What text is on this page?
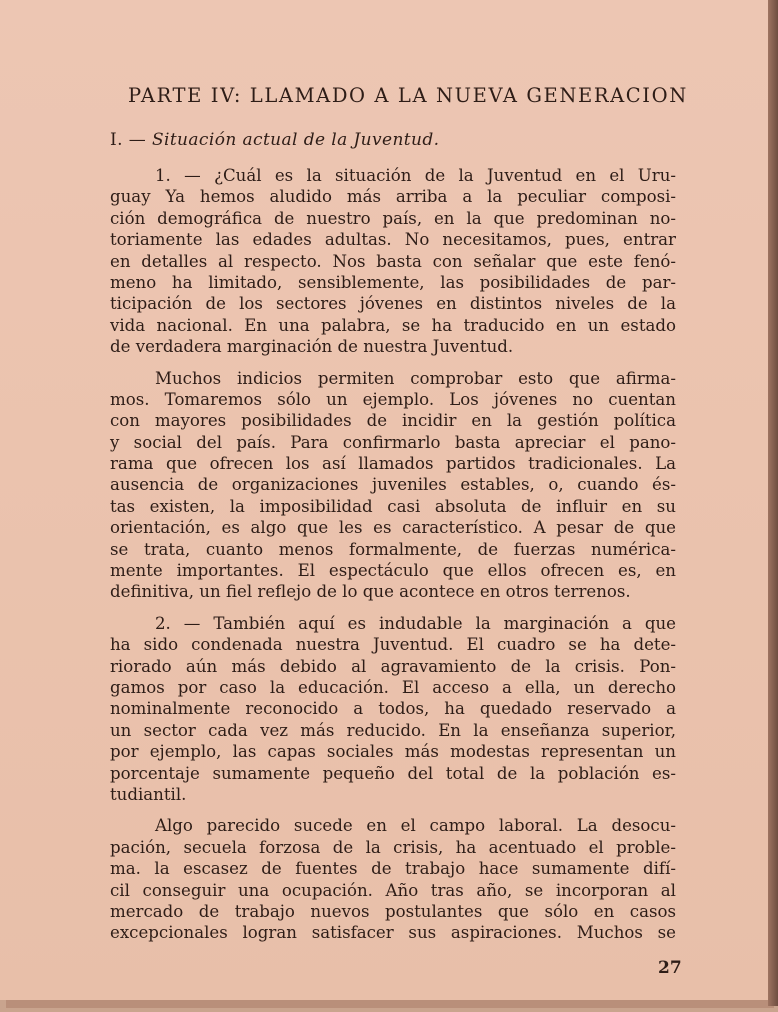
PARTE IV: LLAMADO A LA NUEVA GENERACION
I. — Situación actual de la Juventud.
1. — ¿Cuál es la situación de la Juventud en el Uru-
guay Ya hemos aludido más arriba a la peculiar composi-
ción demográfica de nuestro país, en la que predominan no-
toriamente las edades adultas. No necesitamos, pues, entrar
en detalles al respecto. Nos basta con señalar que este fenó-
meno ha limitado, sensiblemente, las posibilidades de par-
ticipación de los sectores jóvenes en distintos niveles de la
vida nacional. En una palabra, se ha traducido en un estado
de verdadera marginación de nuestra Juventud.
Muchos indicios permiten comprobar esto que afirma-
mos. Tomaremos sólo un ejemplo. Los jóvenes no cuentan
con mayores posibilidades de incidir en la gestión política
y social del país. Para confirmarlo basta apreciar el pano-
rama que ofrecen los así llamados partidos tradicionales. La
ausencia de organizaciones juveniles estables, o, cuando és-
tas existen, la imposibilidad casi absoluta de influir en su
orientación, es algo que les es característico. A pesar de que
se trata, cuanto menos formalmente, de fuerzas numérica-
mente importantes. El espectáculo que ellos ofrecen es, en
definitiva, un fiel reflejo de lo que acontece en otros terrenos.
2. — También aquí es indudable la marginación a que
ha sido condenada nuestra Juventud. El cuadro se ha dete-
riorado aún más debido al agravamiento de la crisis. Pon-
gamos por caso la educación. El acceso a ella, un derecho
nominalmente reconocido a todos, ha quedado reservado a
un sector cada vez más reducido. En la enseñanza superior,
por ejemplo, las capas sociales más modestas representan un
porcentaje sumamente pequeño del total de la población es-
tudiantil.
Algo parecido sucede en el campo laboral. La desocu-
pación, secuela forzosa de la crisis, ha acentuado el proble-
ma. la escasez de fuentes de trabajo hace sumamente difí-
cil conseguir una ocupación. Año tras año, se incorporan al
mercado de trabajo nuevos postulantes que sólo en casos
excepcionales logran satisfacer sus aspiraciones. Muchos se
27
